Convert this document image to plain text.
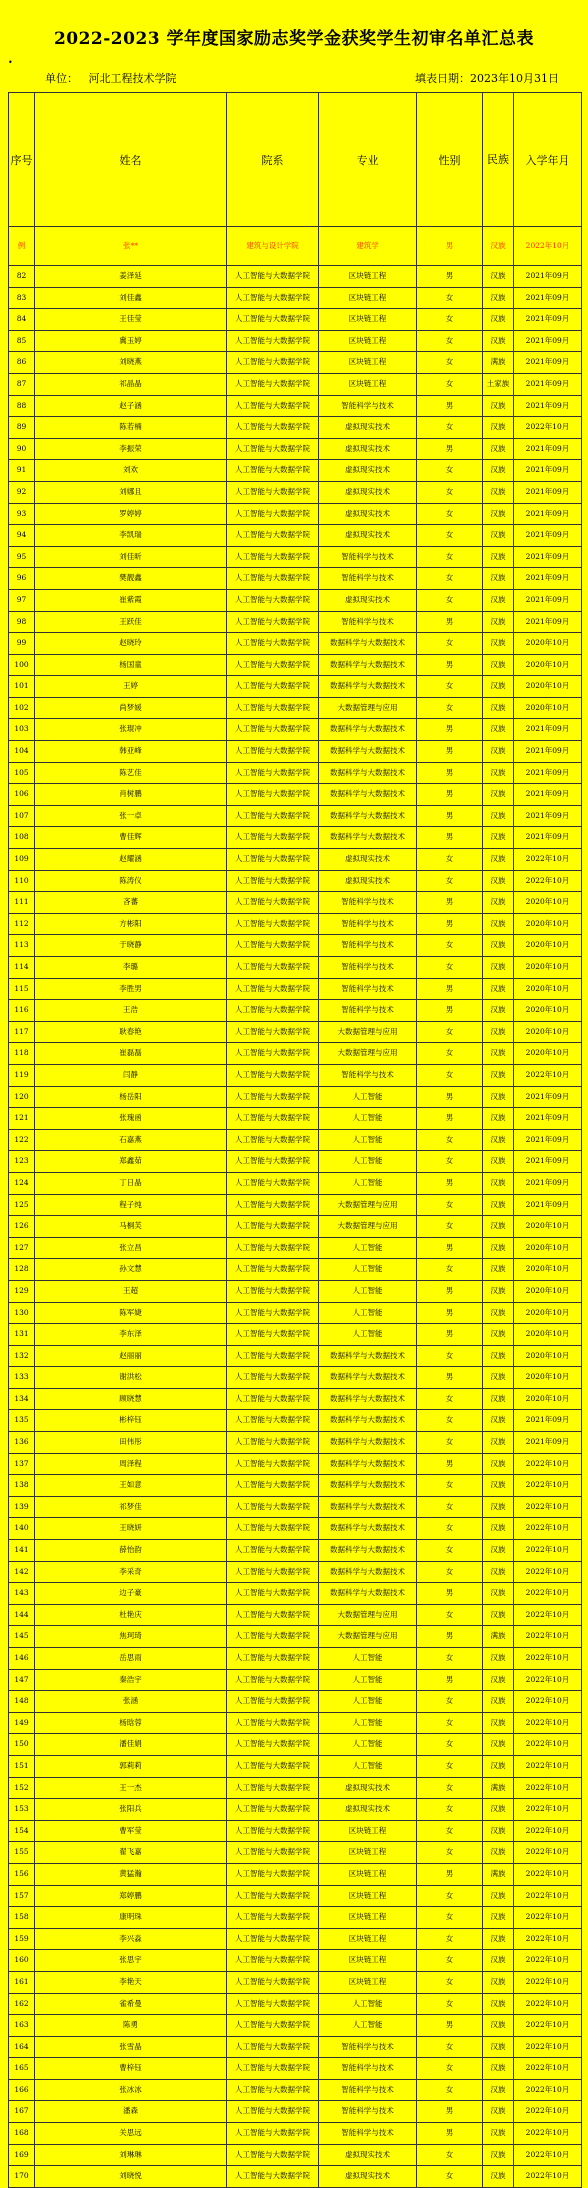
2022-2023 学年度国家励志奖学金获奖学生初审名单汇总表
•
单位： 河北工程技术学院	填表日期：2023年10月31日
序号	姓名	院系	专业	性别	民族	入学年月
例	张**	建筑与设计学院	建筑学	男	汉族	2022年10月
82	姜泽延	人工智能与大数据学院	区块链工程	男	汉族	2021年09月
83	刘佳鑫	人工智能与大数据学院	区块链工程	女	汉族	2021年09月
84	王佳莹	人工智能与大数据学院	区块链工程	女	汉族	2021年09月
85	冀玉婷	人工智能与大数据学院	区块链工程	女	汉族	2021年09月
86	刘晓燕	人工智能与大数据学院	区块链工程	女	满族	2021年09月
87	祁晶晶	人工智能与大数据学院	区块链工程	女	土家族	2021年09月
88	赵子涵	人工智能与大数据学院	智能科学与技术	男	汉族	2021年09月
89	陈若楠	人工智能与大数据学院	虚拟现实技术	女	汉族	2022年10月
90	李振荣	人工智能与大数据学院	虚拟现实技术	男	汉族	2021年09月
91	刘欢	人工智能与大数据学院	虚拟现实技术	女	汉族	2021年09月
92	刘娜且	人工智能与大数据学院	虚拟现实技术	女	汉族	2021年09月
93	罗婷婷	人工智能与大数据学院	虚拟现实技术	女	汉族	2021年09月
94	李凯瑞	人工智能与大数据学院	虚拟现实技术	女	汉族	2021年09月
95	刘佳昕	人工智能与大数据学院	智能科学与技术	女	汉族	2021年09月
96	樊靓鑫	人工智能与大数据学院	智能科学与技术	女	汉族	2021年09月
97	崔紫霞	人工智能与大数据学院	虚拟现实技术	女	汉族	2021年09月
98	王跃佳	人工智能与大数据学院	智能科学与技术	男	汉族	2021年09月
99	赵晓玲	人工智能与大数据学院	数据科学与大数据技术	女	汉族	2020年10月
100	杨国童	人工智能与大数据学院	数据科学与大数据技术	男	汉族	2020年10月
101	王婷	人工智能与大数据学院	数据科学与大数据技术	女	汉族	2020年10月
102	尚梦媛	人工智能与大数据学院	大数据管理与应用	女	汉族	2020年10月
103	张琨冲	人工智能与大数据学院	数据科学与大数据技术	男	汉族	2021年09月
104	韩亚峰	人工智能与大数据学院	数据科学与大数据技术	男	汉族	2021年09月
105	陈艺佳	人工智能与大数据学院	数据科学与大数据技术	男	汉族	2021年09月
106	肖树鹏	人工智能与大数据学院	数据科学与大数据技术	男	汉族	2021年09月
107	张一卓	人工智能与大数据学院	数据科学与大数据技术	男	汉族	2021年09月
108	曹佳辉	人工智能与大数据学院	数据科学与大数据技术	男	汉族	2021年09月
109	赵耀涵	人工智能与大数据学院	虚拟现实技术	女	汉族	2022年10月
110	陈涛仪	人工智能与大数据学院	虚拟现实技术	女	汉族	2022年10月
111	吝蕃	人工智能与大数据学院	智能科学与技术	男	汉族	2020年10月
112	方彬阳	人工智能与大数据学院	智能科学与技术	男	汉族	2020年10月
113	于晓静	人工智能与大数据学院	智能科学与技术	女	汉族	2020年10月
114	李璐	人工智能与大数据学院	智能科学与技术	女	汉族	2020年10月
115	李胜男	人工智能与大数据学院	智能科学与技术	男	汉族	2020年10月
116	王浩	人工智能与大数据学院	智能科学与技术	男	汉族	2020年10月
117	耿春艳	人工智能与大数据学院	大数据管理与应用	女	汉族	2020年10月
118	崔磊磊	人工智能与大数据学院	大数据管理与应用	女	汉族	2020年10月
119	闫静	人工智能与大数据学院	智能科学与技术	女	汉族	2022年10月
120	杨岳阳	人工智能与大数据学院	人工智能	男	汉族	2021年09月
121	张瑰函	人工智能与大数据学院	人工智能	男	汉族	2021年09月
122	石嘉燕	人工智能与大数据学院	人工智能	女	汉族	2021年09月
123	郑鑫茹	人工智能与大数据学院	人工智能	女	汉族	2021年09月
124	丁日晶	人工智能与大数据学院	人工智能	男	汉族	2021年09月
125	程子纯	人工智能与大数据学院	大数据管理与应用	女	汉族	2021年09月
126	马桐芙	人工智能与大数据学院	大数据管理与应用	女	汉族	2020年10月
127	张立昌	人工智能与大数据学院	人工智能	男	汉族	2020年10月
128	孙文慧	人工智能与大数据学院	人工智能	女	汉族	2020年10月
129	王超	人工智能与大数据学院	人工智能	男	汉族	2020年10月
130	陈军婕	人工智能与大数据学院	人工智能	男	汉族	2020年10月
131	李东泽	人工智能与大数据学院	人工智能	男	汉族	2020年10月
132	赵丽丽	人工智能与大数据学院	数据科学与大数据技术	女	汉族	2020年10月
133	谢洪松	人工智能与大数据学院	数据科学与大数据技术	男	汉族	2020年10月
134	顾晓慧	人工智能与大数据学院	数据科学与大数据技术	女	汉族	2020年10月
135	彬梓钰	人工智能与大数据学院	数据科学与大数据技术	女	汉族	2021年09月
136	田伟彤	人工智能与大数据学院	数据科学与大数据技术	女	汉族	2021年09月
137	周泽程	人工智能与大数据学院	数据科学与大数据技术	男	汉族	2022年10月
138	王如意	人工智能与大数据学院	数据科学与大数据技术	女	汉族	2022年10月
139	祁梦佳	人工智能与大数据学院	数据科学与大数据技术	女	汉族	2022年10月
140	王晓妍	人工智能与大数据学院	数据科学与大数据技术	女	汉族	2022年10月
141	薛怡韵	人工智能与大数据学院	数据科学与大数据技术	女	汉族	2022年10月
142	李采奇	人工智能与大数据学院	数据科学与大数据技术	女	汉族	2022年10月
143	边子豪	人工智能与大数据学院	数据科学与大数据技术	男	汉族	2022年10月
144	杜艳庆	人工智能与大数据学院	大数据管理与应用	女	汉族	2022年10月
145	焦珂琦	人工智能与大数据学院	大数据管理与应用	男	满族	2022年10月
146	岳思雨	人工智能与大数据学院	人工智能	女	汉族	2022年10月
147	秦浩宇	人工智能与大数据学院	人工智能	男	汉族	2022年10月
148	张涵	人工智能与大数据学院	人工智能	女	汉族	2022年10月
149	杨晗蓉	人工智能与大数据学院	人工智能	女	汉族	2022年10月
150	潘佳娟	人工智能与大数据学院	人工智能	女	汉族	2022年10月
151	郭莉莉	人工智能与大数据学院	人工智能	女	汉族	2022年10月
152	王一杰	人工智能与大数据学院	虚拟现实技术	女	满族	2022年10月
153	张阳兵	人工智能与大数据学院	虚拟现实技术	女	汉族	2022年10月
154	曹军莹	人工智能与大数据学院	区块链工程	女	汉族	2022年10月
155	翟飞嘉	人工智能与大数据学院	区块链工程	女	汉族	2022年10月
156	黄猛瀚	人工智能与大数据学院	区块链工程	男	满族	2022年10月
157	郑婷鹏	人工智能与大数据学院	区块链工程	女	汉族	2022年10月
158	康明珠	人工智能与大数据学院	区块链工程	女	汉族	2022年10月
159	李兴淼	人工智能与大数据学院	区块链工程	女	汉族	2022年10月
160	张思宇	人工智能与大数据学院	区块链工程	女	汉族	2022年10月
161	李艳天	人工智能与大数据学院	区块链工程	女	汉族	2022年10月
162	雀希曼	人工智能与大数据学院	人工智能	女	汉族	2022年10月
163	陈勇	人工智能与大数据学院	人工智能	男	汉族	2022年10月
164	张雪晶	人工智能与大数据学院	智能科学与技术	女	汉族	2022年10月
165	曹梓钰	人工智能与大数据学院	智能科学与技术	女	汉族	2022年10月
166	张冰冰	人工智能与大数据学院	智能科学与技术	女	汉族	2022年10月
167	潘森	人工智能与大数据学院	智能科学与技术	男	汉族	2022年10月
168	关思远	人工智能与大数据学院	智能科学与技术	男	汉族	2022年10月
169	刘琳琳	人工智能与大数据学院	虚拟现实技术	女	汉族	2022年10月
170	刘晓悦	人工智能与大数据学院	虚拟现实技术	女	汉族	2022年10月
